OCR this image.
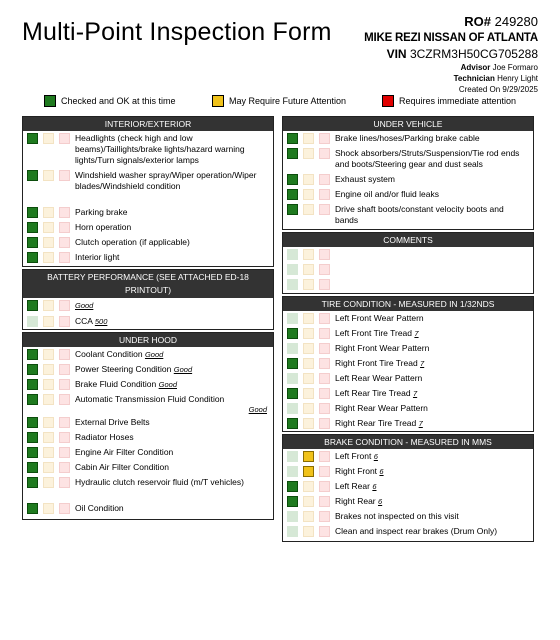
Multi-Point Inspection Form	RO# 249280
MIKE REZI NISSAN OF ATLANTA
VIN 3CZRM3H50CG705288
Advisor Joe Formaro
Technician Henry Light
Created On 9/29/2025
Checked and OK at this time	May Require Future Attention	Requires immediate attention
INTERIOR/EXTERIOR
Headlights (check high and low beams)/Taillights/brake lights/hazard warning lights/Turn signals/exterior lamps
Windshield washer spray/Wiper operation/Wiper blades/Windshield condition
Parking brake
Horn operation
Clutch operation (if applicable)
Interior light
BATTERY PERFORMANCE (SEE ATTACHED ED-18 PRINTOUT)
Good
CCA 500
UNDER HOOD
Coolant Condition Good
Power Steering Condition Good
Brake Fluid Condition Good
Automatic Transmission Fluid Condition
Good
External Drive Belts
Radiator Hoses
Engine Air Filter Condition
Cabin Air Filter Condition
Hydraulic clutch reservoir fluid (m/T vehicles)
Oil Condition
UNDER VEHICLE
Brake lines/hoses/Parking brake cable
Shock absorbers/Struts/Suspension/Tie rod ends and boots/Steering gear and dust seals
Exhaust system
Engine oil and/or fluid leaks
Drive shaft boots/constant velocity boots and bands
COMMENTS
TIRE CONDITION - MEASURED IN 1/32NDS
Left Front Wear Pattern
Left Front Tire Tread 7
Right Front Wear Pattern
Right Front Tire Tread 7
Left Rear Wear Pattern
Left Rear Tire Tread 7
Right Rear Wear Pattern
Right Rear Tire Tread 7
BRAKE CONDITION - MEASURED IN MMS
Left Front 6
Right Front 6
Left Rear 6
Right Rear 6
Brakes not inspected on this visit
Clean and inspect rear brakes (Drum Only)
